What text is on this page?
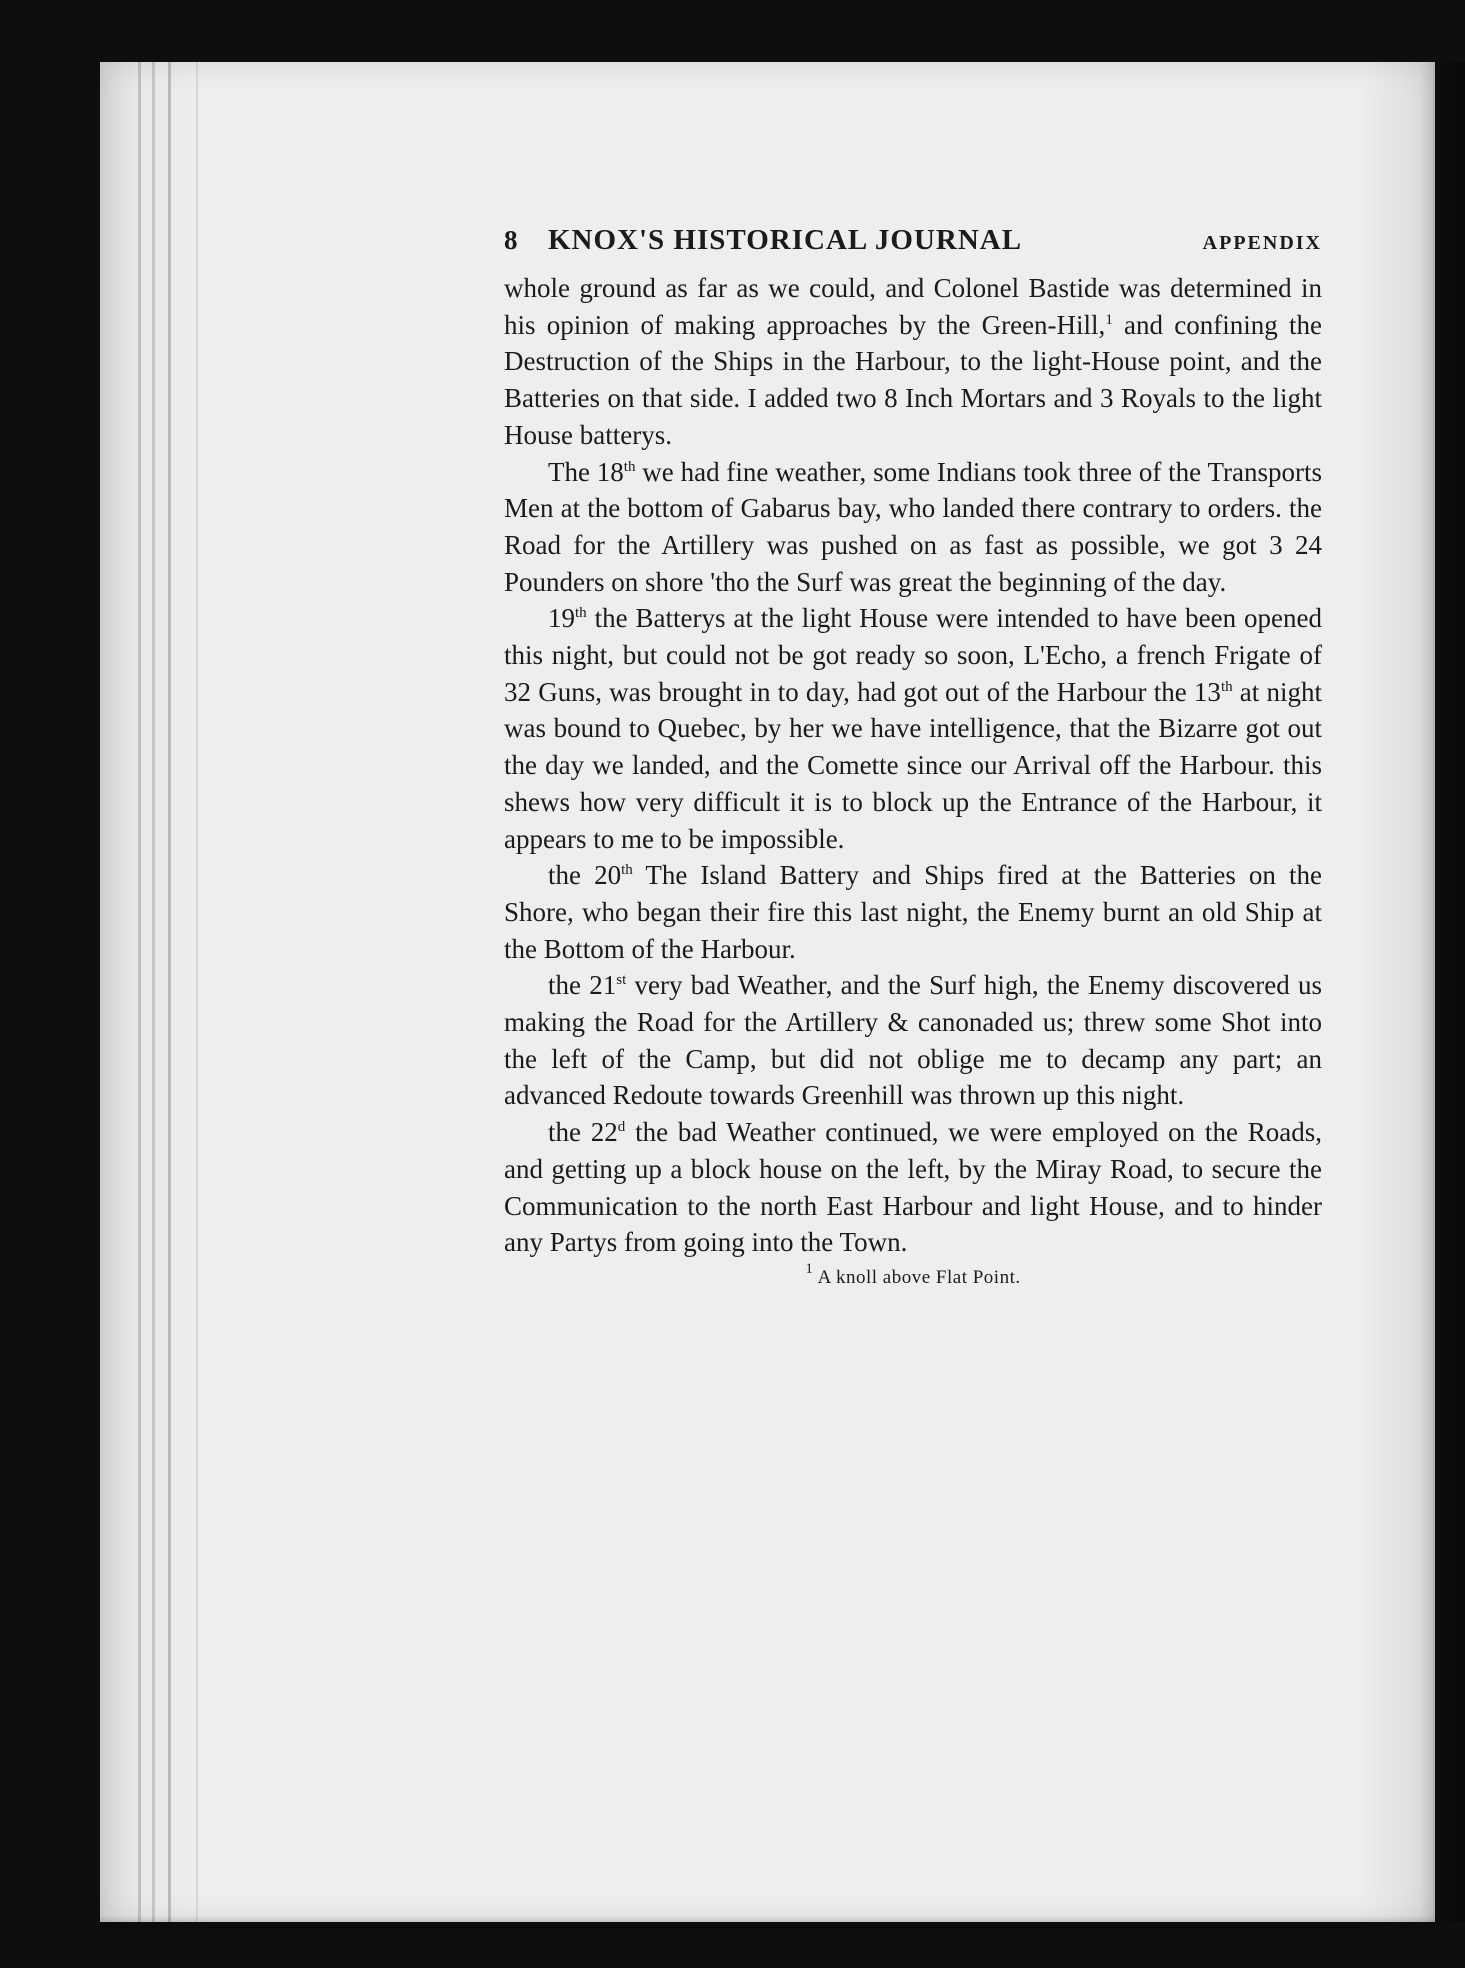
8	KNOX'S HISTORICAL JOURNAL	APPENDIX

whole ground as far as we could, and Colonel Bastide was determined in his opinion of making approaches by the Green-Hill,$^1$ and confining the Destruction of the Ships in the Harbour, to the light-House point, and the Batteries on that side. I added two 8 Inch Mortars and 3 Royals to the light House batterys.

The 18th we had fine weather, some Indians took three of the Transports Men at the bottom of Gabarus bay, who landed there contrary to orders. the Road for the Artillery was pushed on as fast as possible, we got 3 24 Pounders on shore 'tho the Surf was great the beginning of the day.

19th the Batterys at the light House were intended to have been opened this night, but could not be got ready so soon, L'Echo, a french Frigate of 32 Guns, was brought in to day, had got out of the Harbour the 13th at night was bound to Quebec, by her we have intelligence, that the Bizarre got out the day we landed, and the Comette since our Arrival off the Harbour. this shews how very difficult it is to block up the Entrance of the Harbour, it appears to me to be impossible.

the 20th The Island Battery and Ships fired at the Batteries on the Shore, who began their fire this last night, the Enemy burnt an old Ship at the Bottom of the Harbour.

the 21st very bad Weather, and the Surf high, the Enemy discovered us making the Road for the Artillery & canonaded us; threw some Shot into the left of the Camp, but did not oblige me to decamp any part; an advanced Redoute towards Greenhill was thrown up this night.

the 22$^d$ the bad Weather continued, we were employed on the Roads, and getting up a block house on the left, by the Miray Road, to secure the Communication to the north East Harbour and light House, and to hinder any Partys from going into the Town.

$^1$ A knoll above Flat Point.
